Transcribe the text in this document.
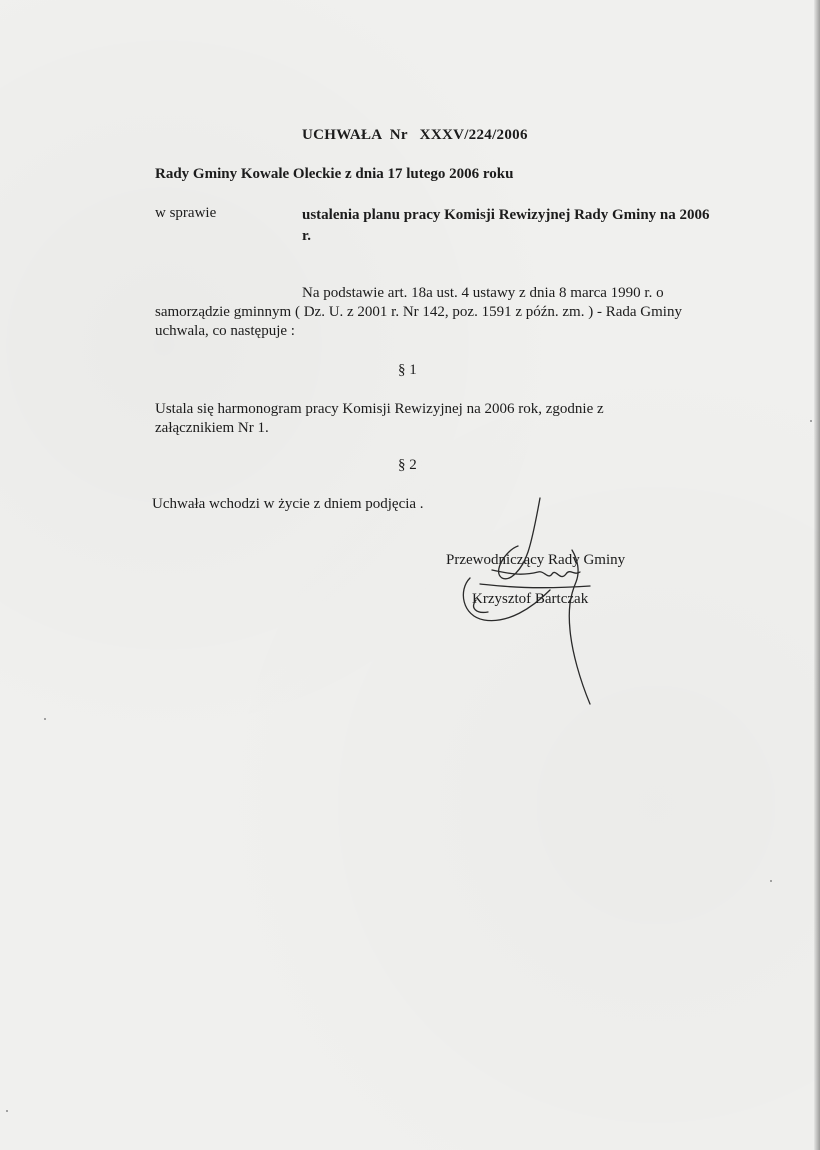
UCHWAŁA  Nr   XXXV/224/2006
Rady Gminy Kowale Oleckie z dnia 17 lutego 2006 roku
w sprawie	ustalenia planu pracy Komisji Rewizyjnej Rady Gminy na 2006 r.
Na podstawie art. 18a ust. 4 ustawy z dnia 8 marca 1990 r. o samorządzie gminnym ( Dz. U. z 2001 r. Nr 142, poz. 1591 z późn. zm. ) - Rada Gminy uchwala, co następuje :
§ 1
Ustala się harmonogram pracy Komisji Rewizyjnej na 2006 rok, zgodnie z załącznikiem Nr 1.
§ 2
Uchwała wchodzi w życie z dniem podjęcia .
Przewodniczący Rady Gminy
Krzysztof Bartczak
